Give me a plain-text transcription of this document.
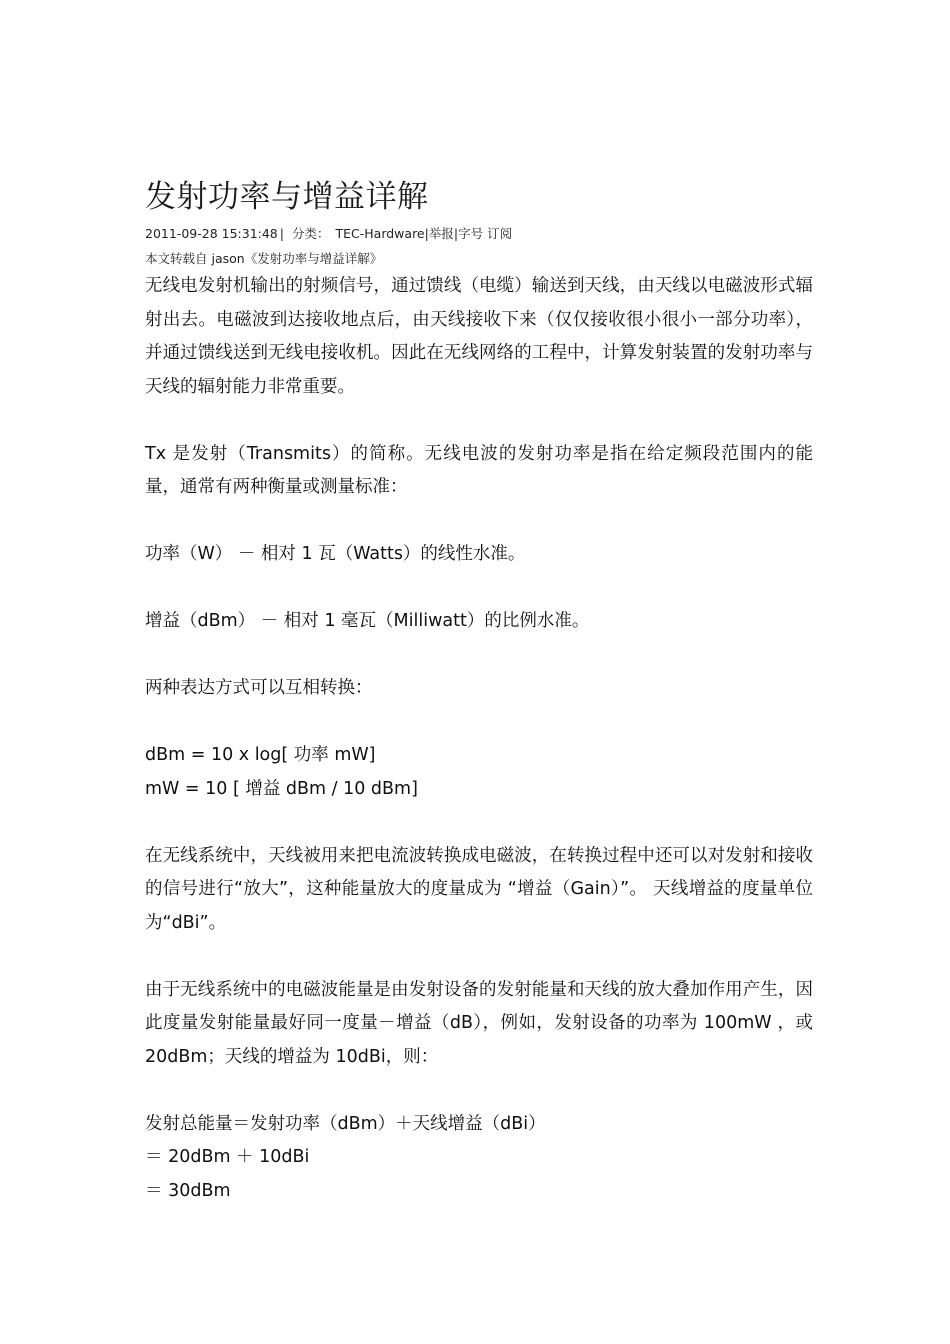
发射功率与增益详解
2011-09-28 15:31:48 | 分类： TEC-Hardware|举报|字号 订阅
本文转载自 jason《发射功率与增益详解》

无线电发射机输出的射频信号，通过馈线（电缆）输送到天线，由天线以电磁波形式辐射出去。电磁波到达接收地点后，由天线接收下来（仅仅接收很小很小一部分功率），并通过馈线送到无线电接收机。因此在无线网络的工程中，计算发射装置的发射功率与天线的辐射能力非常重要。

Tx 是发射（Transmits）的简称。无线电波的发射功率是指在给定频段范围内的能量，通常有两种衡量或测量标准：

功率（W） － 相对 1 瓦（Watts）的线性水准。

增益（dBm） － 相对 1 毫瓦（Milliwatt）的比例水准。

两种表达方式可以互相转换：

dBm = 10 x log[ 功率 mW]

mW = 10 [ 增益 dBm / 10 dBm]

在无线系统中，天线被用来把电流波转换成电磁波，在转换过程中还可以对发射和接收的信号进行“放大”，这种能量放大的度量成为 “增益（Gain）”。 天线增益的度量单位为“dBi”。

由于无线系统中的电磁波能量是由发射设备的发射能量和天线的放大叠加作用产生，因此度量发射能量最好同一度量－增益（dB），例如，发射设备的功率为 100mW ，或 20dBm；天线的增益为 10dBi，则：

发射总能量＝发射功率（dBm）＋天线增益（dBi）

＝ 20dBm ＋ 10dBi

＝ 30dBm
